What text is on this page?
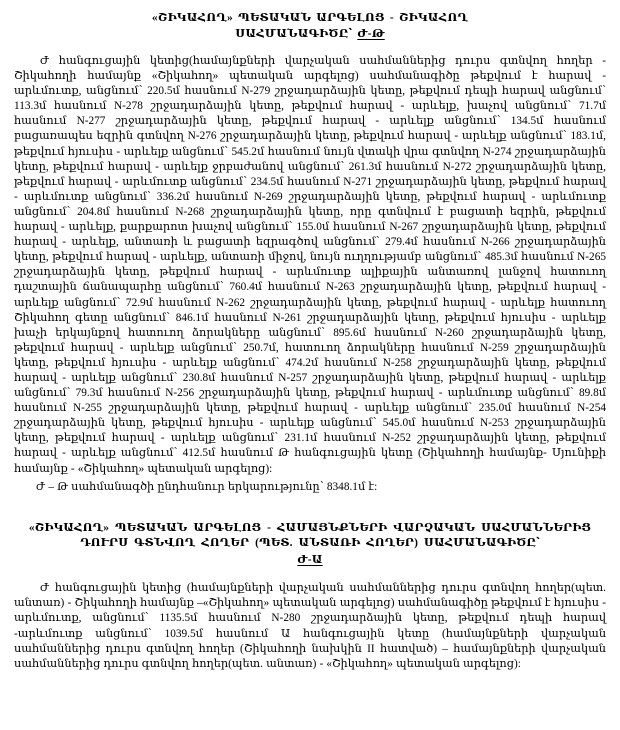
«ՇԻԿԱՀՈՂ» ՊԵՏԱԿԱՆ ԱՐԳԵԼՈՑ - ՇԻԿԱՀՈՂ
ՍԱՀՄԱՆԱԳԻԾԸ՝ Ժ-Թ

Ժ հանգուցային կետից(համայնքների վարչական սահմաններից դուրս գտնվող հողեր - Շիկահողի համայնք «Շիկահող» պետական արգելոց) սահմանագիծը թեքվում է հարավ - արևմուտք, անցնում՝ 220.5մ հասնում N-279 շրջադարձային կետը, թեքվում դեպի հարավ անցնում՝ 113.3մ հասնում N-278 շրջադարձային կետը, թեքվում հարավ - արևելք, խաչով անցնում՝ 71.7մ հասնում N-277 շրջադարձային կետը, թեքվում հարավ - արևելք անցնում՝ 134.5մ հասնում բացառապես եզրին գտնվող N-276 շրջադարձային կետը, թեքվում հարավ - արևելք անցնում՝ 183.1մ, թեքվում հյուսիս - արևելք անցնում՝ 545.2մ հասնում նույն վտակի վրա գտնվող N-274 շրջադարձային կետը, թեքվում հարավ - արևելք ջրբաժանով անցնում՝ 261.3մ հասնում N-272 շրջադարձային կետը, թեքվում հարավ - արևմուտք անցնում՝ 234.5մ հասնում N-271 շրջադարձային կետը, թեքվում հարավ - արևմուտք անցնում՝ 336.2մ հասնում N-269 շրջադարձային կետը, թեքվում հարավ - արևմուտք անցնում՝ 204.8մ հասնում N-268 շրջադարձային կետը, որը գտնվում է բացատի եզրին, թեքվում հարավ - արևելք, քարքարոտ խաչով անցնում՝ 155.0մ հասնում N-267 շրջադարձային կետը, թեքվում հարավ - արևելք, անտառի և բացատի եզրագծով անցնում՝ 279.4մ հասնում N-266 շրջադարձային կետը, թեքվում հարավ - արևելք, անտառի միջով, նույն ուղղությամբ անցնում՝ 485.3մ հասնում N-265 շրջադարձային կետը, թեքվում հարավ - արևմուտք ալիքային անտառով լանջով հատուող դաշտային ճանապարհը անցնում՝ 760.4մ հասնում N-263 շրջադարձային կետը, թեքվում հարավ - արևելք անցնում՝ 72.9մ հասնում N-262 շրջադարձային կետը, թեքվում հարավ - արևելք հատուող Շիկահող գետը անցնում՝ 846.1մ հասնում N-261 շրջադարձային կետը, թեքվում հյուսիս - արևելք խաչի երկայնքով հատուող ձորակները անցնում՝ 895.6մ հասնում N-260 շրջադարձային կետը, թեքվում հարավ - արևելք անցնում՝ 250.7մ, հատուող ձորակները հասնում N-259 շրջադարձային կետը, թեքվում հյուսիս - արևելք անցնում՝ 474.2մ հասնում N-258 շրջադարձային կետը, թեքվում հարավ - արևելք անցնում՝ 230.8մ հասնում N-257 շրջադարձային կետը, թեքվում հարավ - արևելք անցնում՝ 79.3մ հասնում N-256 շրջադարձային կետը, թեքվում հարավ - արևմուտք անցնում՝ 89.8մ հասնում N-255 շրջադարձային կետը, թեքվում հարավ - արևելք անցնում՝ 235.0մ հասնում N-254 շրջադարձային կետը, թեքվում հյուսիս - արևելք անցնում՝ 545.0մ հասնում N-253 շրջադարձային կետը, թեքվում հարավ - արևելք անցնում՝ 231.1մ հասնում N-252 շրջադարձային կետը, թեքվում հարավ - արևելք անցնում՝ 412.5մ հասնում Թ հանգուցային կետը (Շիկահողի համայնք- Սյունիքի համայնք - «Շիկահող» պետական արգելոց):

Ժ – Թ սահմանագծի ընդհանուր երկարությունը՝ 8348.1մ է:

«ՇԻԿԱՀՈՂ» ՊԵՏԱԿԱՆ ԱՐԳԵԼՈՑ - ՀԱՄԱՅՆՔՆԵՐԻ ՎԱՐՉԱԿԱՆ ՍԱՀՄԱՆՆԵՐԻՑ
ԴՈՒՐՍ ԳՏՆՎՈՂ ՀՈՂԵՐ (ՊԵՏ. ԱՆՏԱՌԻ ՀՈՂԵՐ) ՍԱՀՄԱՆԱԳԻԾԸ՝
Ժ-Ա

Ժ հանգուցային կետից (համայնքների վարչական սահմաններից դուրս գտնվող հողեր(պետ. անտառ) - Շիկահողի համայնք –«Շիկահող» պետական արգելոց) սահմանագիծը թեքվում է հյուսիս - արևմուտք, անցնում՝ 1135.5մ հասնում N-280 շրջադարձային կետը, թեքվում դեպի հարավ -արևմուտք անցնում՝ 1039.5մ հասնում Ա հանգուցային կետը (համայնքների վարչական սահմաններից դուրս գտնվող հողեր (Շիկահողի նախկին II հատված) – համայնքների վարչական սահմաններից դուրս գտնվող հողեր(պետ. անտառ) - «Շիկահող» պետական արգելոց):
